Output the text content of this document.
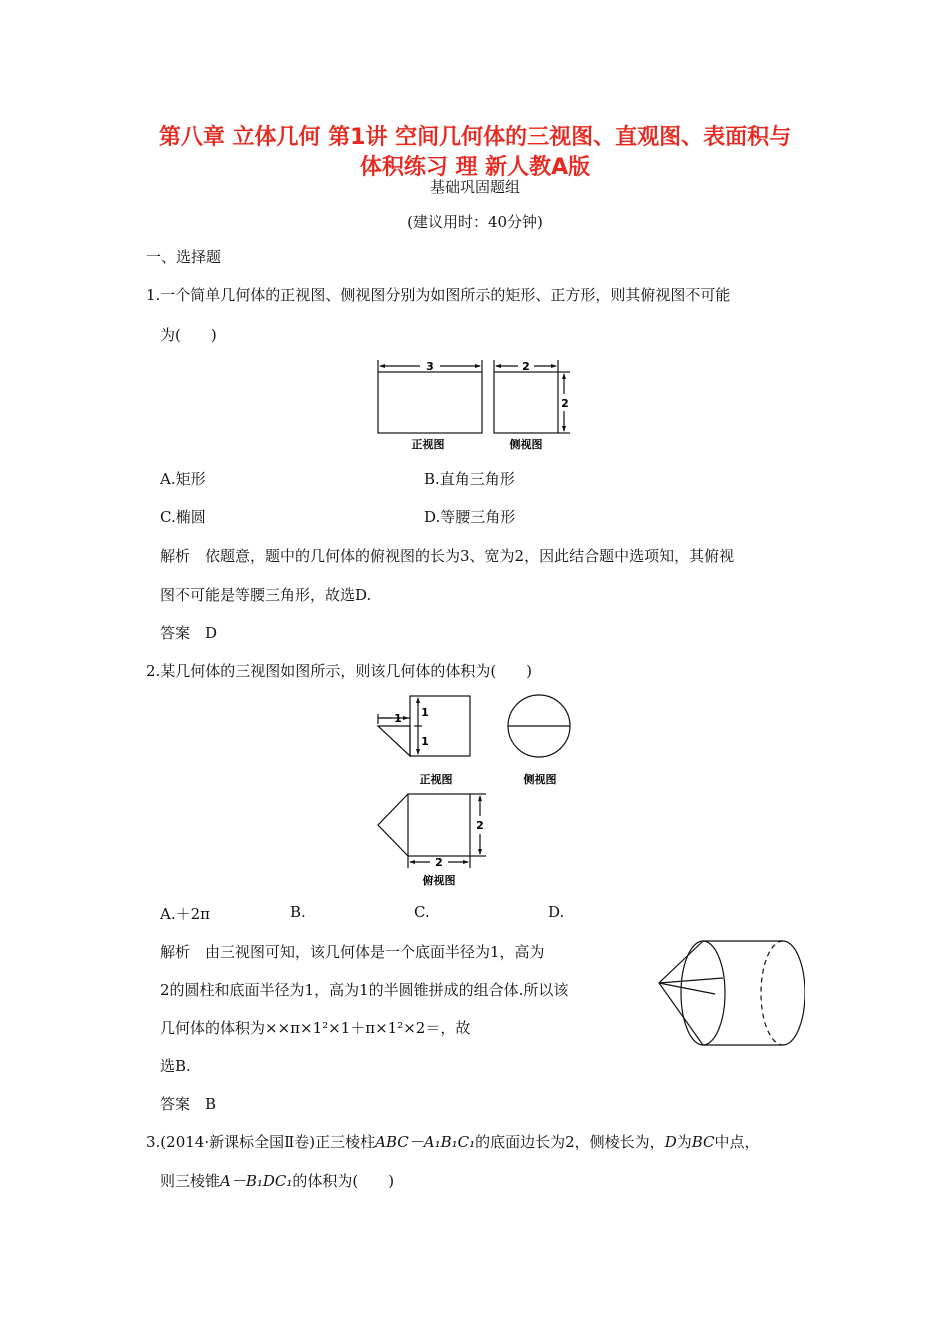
第八章 立体几何 第1讲 空间几何体的三视图、直观图、表面积与
体积练习 理 新人教A版
基础巩固题组
(建议用时：40分钟)
一、选择题
1.一个简单几何体的正视图、侧视图分别为如图所示的矩形、正方形，则其俯视图不可能
为(　　)
3	2
2
正视图	侧视图
A.矩形	B.直角三角形
C.椭圆	D.等腰三角形
解析　依题意，题中的几何体的俯视图的长为3、宽为2，因此结合题中选项知，其俯视
图不可能是等腰三角形，故选D.
答案　D
2.某几何体的三视图如图所示，则该几何体的体积为(　　)
1 1
1
2
2
正视图	侧视图
俯视图
A.＋2π	B.	C.	D.
解析　由三视图可知，该几何体是一个底面半径为1，高为
2的圆柱和底面半径为1，高为1的半圆锥拼成的组合体.所以该
几何体的体积为××π×1²×1＋π×1²×2＝，故
选B.
答案　B
3.(2014·新课标全国Ⅱ卷)正三棱柱ABC－A₁B₁C₁的底面边长为2，侧棱长为，D为BC中点，
则三棱锥A－B₁DC₁的体积为(　　)
